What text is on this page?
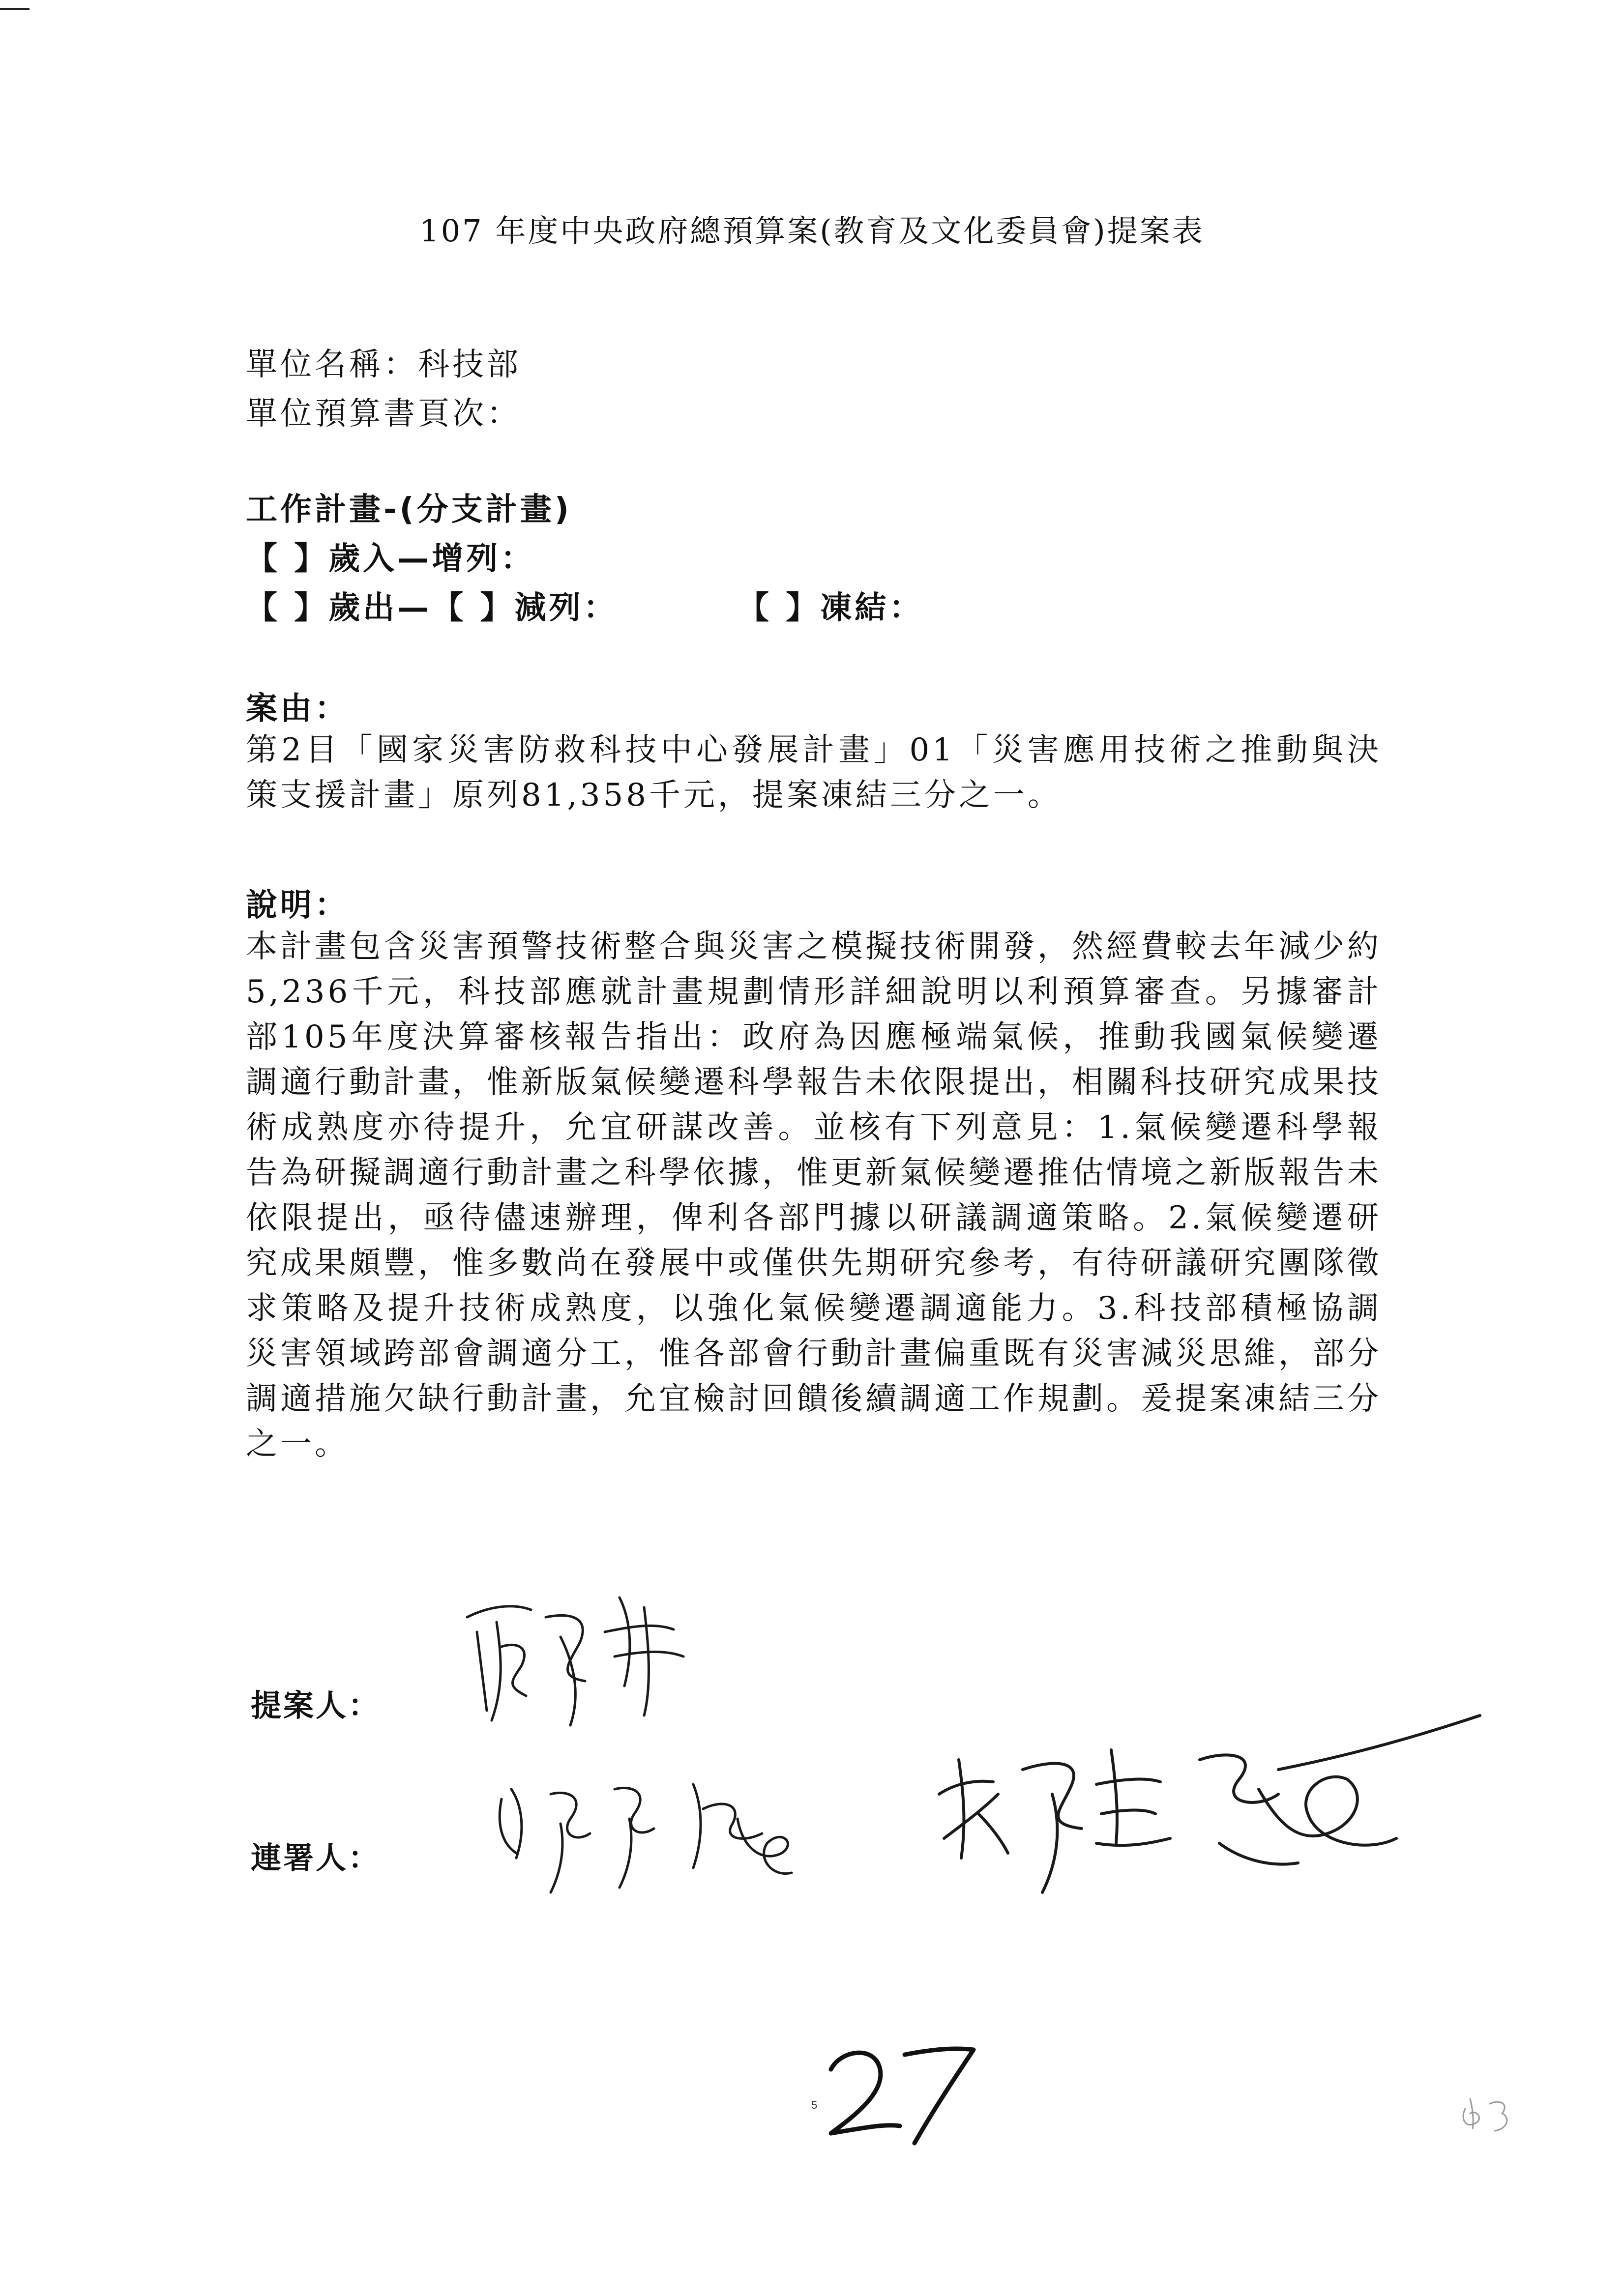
107 年度中央政府總預算案(教育及文化委員會)提案表
單位名稱：科技部
單位預算書頁次：
工作計畫-(分支計畫)
【 】歲入—增列：
【 】歲出—【 】減列：	【 】凍結：
案由：
第2目「國家災害防救科技中心發展計畫」01「災害應用技術之推動與決策支援計畫」原列81,358千元，提案凍結三分之一。
說明：
本計畫包含災害預警技術整合與災害之模擬技術開發，然經費較去年減少約5,236千元，科技部應就計畫規劃情形詳細說明以利預算審查。另據審計部105年度決算審核報告指出：政府為因應極端氣候，推動我國氣候變遷調適行動計畫，惟新版氣候變遷科學報告未依限提出，相關科技研究成果技術成熟度亦待提升，允宜研謀改善。並核有下列意見：1.氣候變遷科學報告為研擬調適行動計畫之科學依據，惟更新氣候變遷推估情境之新版報告未依限提出，亟待儘速辦理，俾利各部門據以研議調適策略。2.氣候變遷研究成果頗豐，惟多數尚在發展中或僅供先期研究參考，有待研議研究團隊徵求策略及提升技術成熟度，以強化氣候變遷調適能力。3.科技部積極協調災害領域跨部會調適分工，惟各部會行動計畫偏重既有災害減災思維，部分調適措施欠缺行動計畫，允宜檢討回饋後續調適工作規劃。爰提案凍結三分之一。
提案人：
連署人：
5
